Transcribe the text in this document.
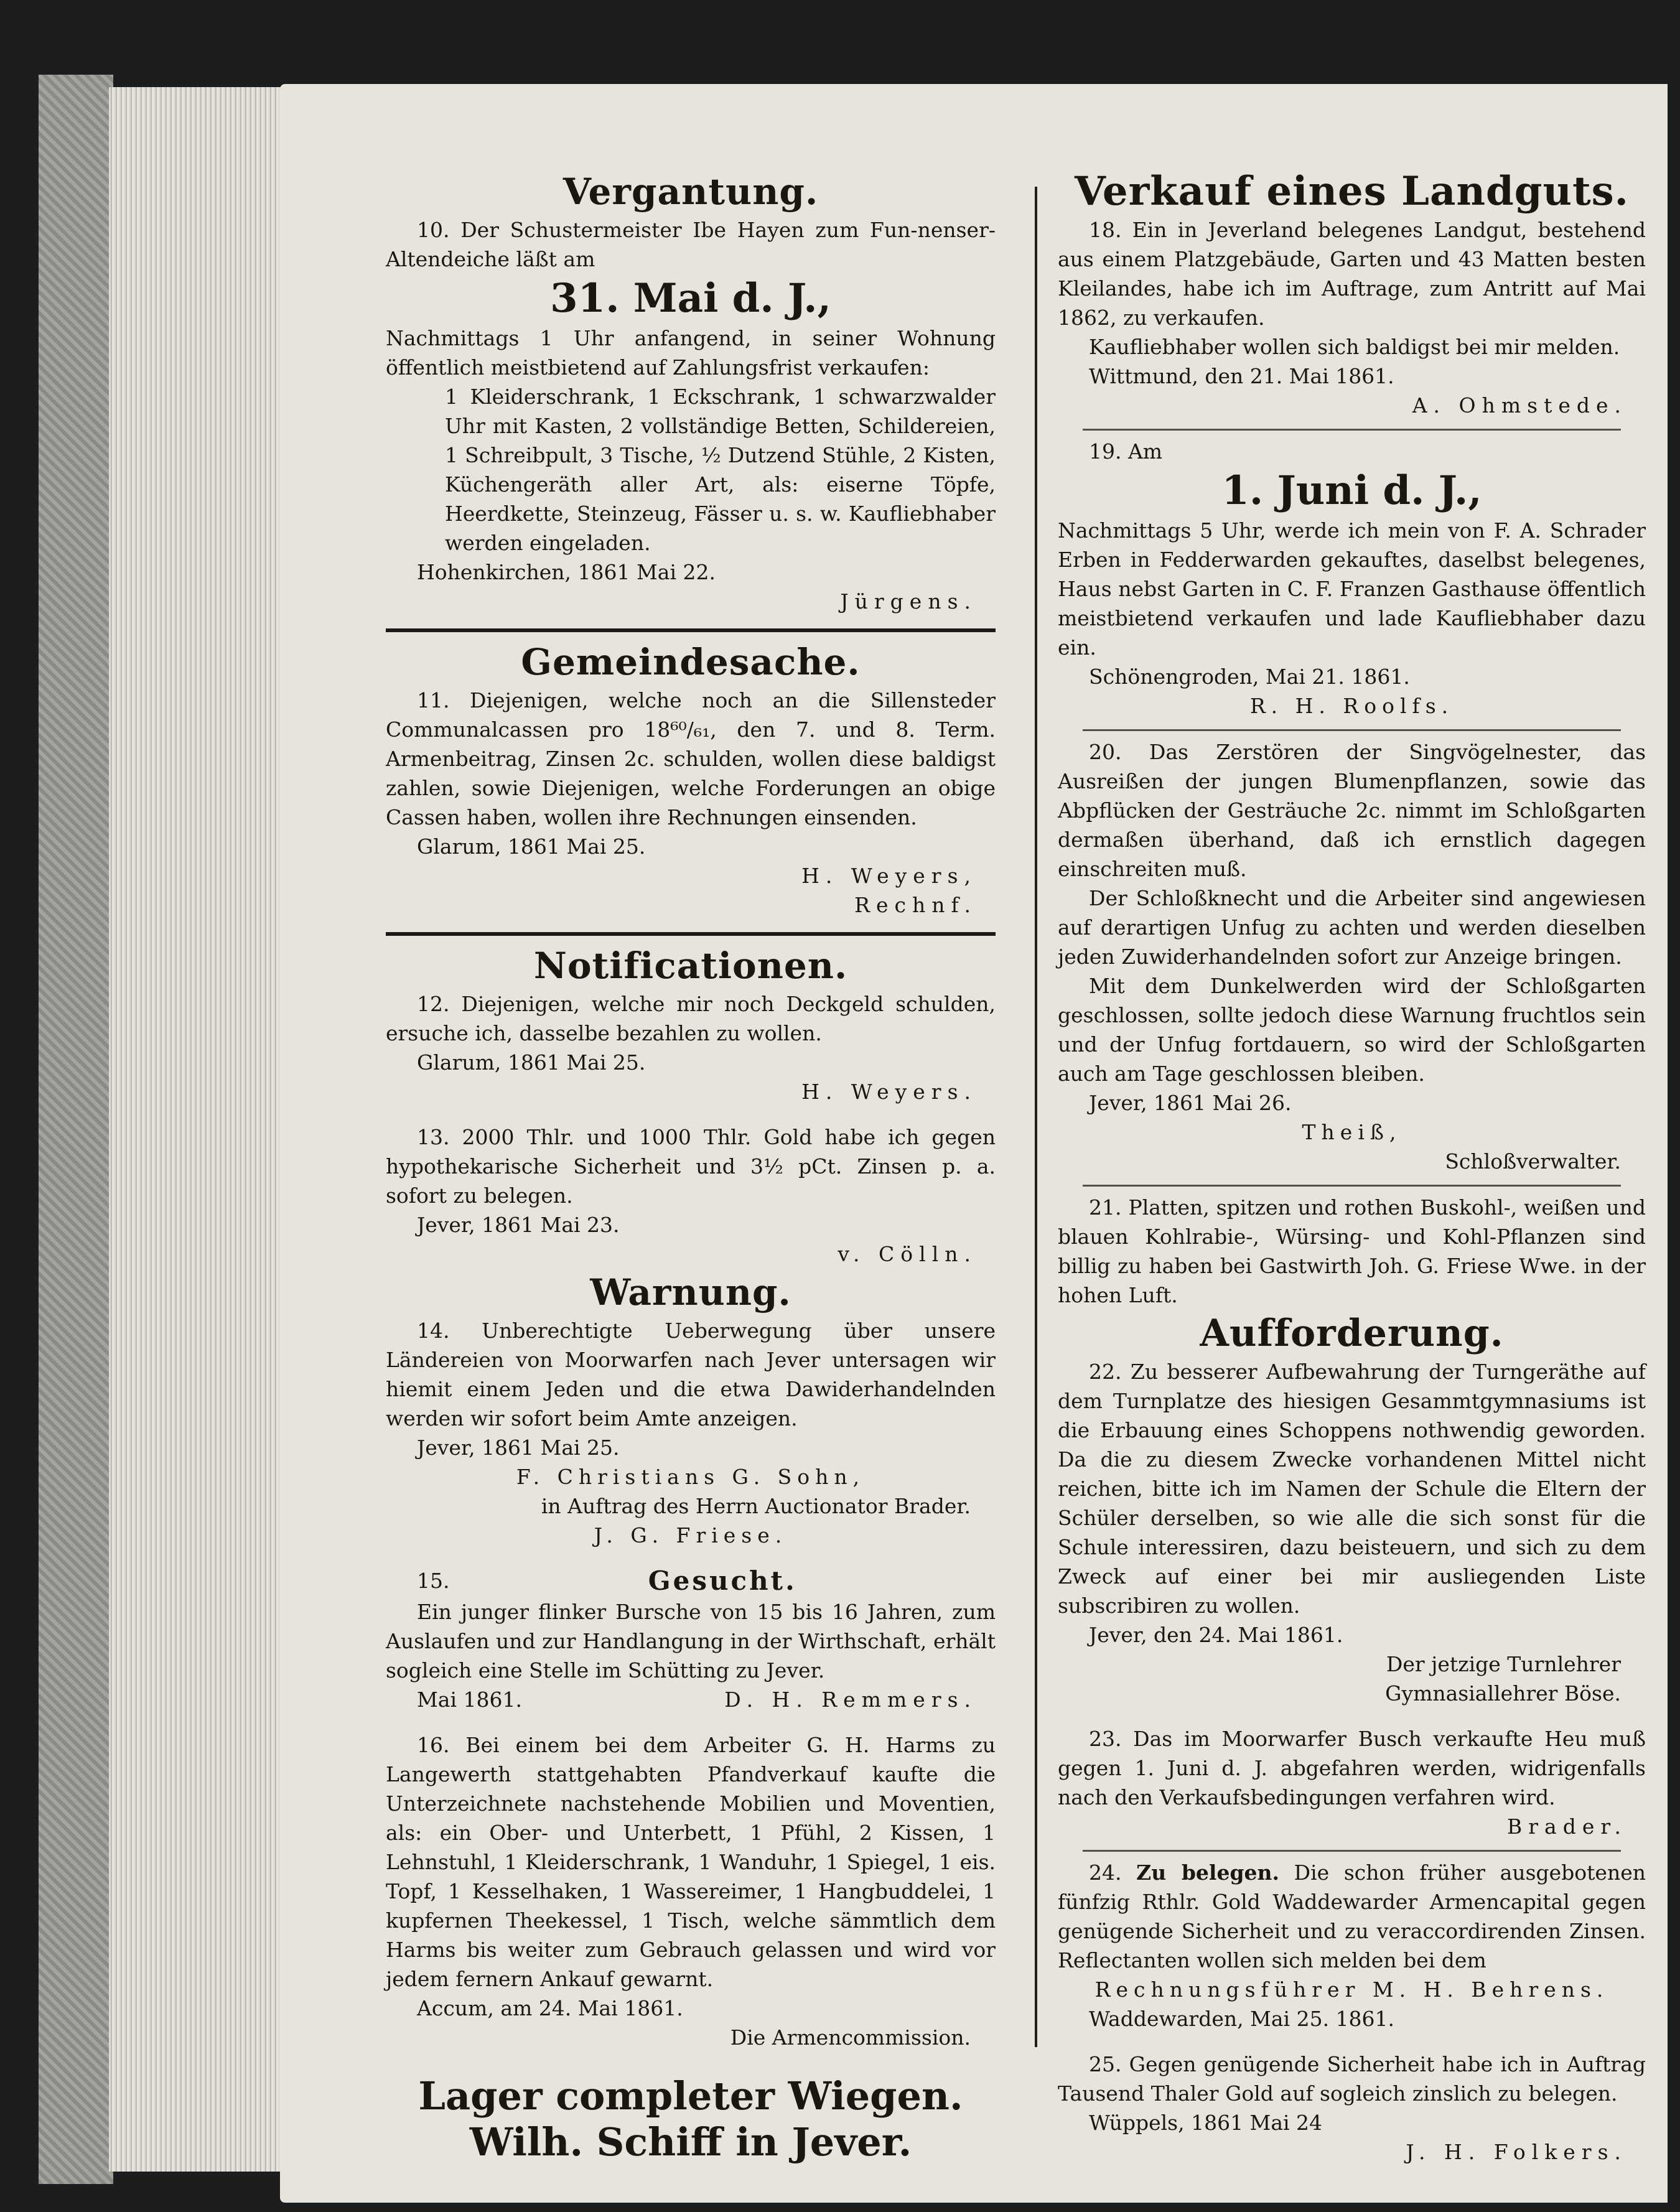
Vergantung.

10. Der Schustermeister Ibe Hayen zum Fun-nenser-Altendeiche läßt am

31. Mai d. J.,

Nachmittags 1 Uhr anfangend, in seiner Wohnung öffentlich meistbietend auf Zahlungsfrist verkaufen:

1 Kleiderschrank, 1 Eckschrank, 1 schwarzwalder Uhr mit Kasten, 2 vollständige Betten, Schildereien, 1 Schreibpult, 3 Tische, ½ Dutzend Stühle, 2 Kisten, Küchengeräth aller Art, als: eiserne Töpfe, Heerdkette, Steinzeug, Fässer u. s. w. Kaufliebhaber werden eingeladen.

Hohenkirchen, 1861 Mai 22.

Jürgens.

Gemeindesache.

11. Diejenigen, welche noch an die Sillensteder Communalcassen pro 18⁶⁰/₆₁, den 7. und 8. Term. Armenbeitrag, Zinsen 2c. schulden, wollen diese baldigst zahlen, sowie Diejenigen, welche Forderungen an obige Cassen haben, wollen ihre Rechnungen einsenden.

Glarum, 1861 Mai 25.

H. Weyers,

Rechnf.

Notificationen.

12. Diejenigen, welche mir noch Deckgeld schulden, ersuche ich, dasselbe bezahlen zu wollen.

Glarum, 1861 Mai 25.

H. Weyers.

13. 2000 Thlr. und 1000 Thlr. Gold habe ich gegen hypothekarische Sicherheit und 3½ pCt. Zinsen p. a. sofort zu belegen.

Jever, 1861 Mai 23.

v. Cölln.

Warnung.

14. Unberechtigte Ueberwegung über unsere Ländereien von Moorwarfen nach Jever untersagen wir hiemit einem Jeden und die etwa Dawiderhandelnden werden wir sofort beim Amte anzeigen.

Jever, 1861 Mai 25.

F. Christians G. Sohn,

in Auftrag des Herrn Auctionator Brader.

J. G. Friese.

15.	Gesucht.

Ein junger flinker Bursche von 15 bis 16 Jahren, zum Auslaufen und zur Handlangung in der Wirthschaft, erhält sogleich eine Stelle im Schütting zu Jever.

Mai 1861.	D. H. Remmers.

16. Bei einem bei dem Arbeiter G. H. Harms zu Langewerth stattgehabten Pfandverkauf kaufte die Unterzeichnete nachstehende Mobilien und Moventien, als: ein Ober- und Unterbett, 1 Pfühl, 2 Kissen, 1 Lehnstuhl, 1 Kleiderschrank, 1 Wanduhr, 1 Spiegel, 1 eis. Topf, 1 Kesselhaken, 1 Wassereimer, 1 Hangbuddelei, 1 kupfernen Theekessel, 1 Tisch, welche sämmtlich dem Harms bis weiter zum Gebrauch gelassen und wird vor jedem fernern Ankauf gewarnt.

Accum, am 24. Mai 1861.

Die Armencommission.

Lager completer Wiegen.
Wilh. Schiff in Jever.
Verkauf eines Landguts.

18. Ein in Jeverland belegenes Landgut, bestehend aus einem Platzgebäude, Garten und 43 Matten besten Kleilandes, habe ich im Auftrage, zum Antritt auf Mai 1862, zu verkaufen.

Kaufliebhaber wollen sich baldigst bei mir melden.

Wittmund, den 21. Mai 1861.

A. Ohmstede.

19. Am

1. Juni d. J.,

Nachmittags 5 Uhr, werde ich mein von F. A. Schrader Erben in Fedderwarden gekauftes, daselbst belegenes, Haus nebst Garten in C. F. Franzen Gasthause öffentlich meistbietend verkaufen und lade Kaufliebhaber dazu ein.

Schönengroden, Mai 21. 1861.

R. H. Roolfs.

20. Das Zerstören der Singvögelnester, das Ausreißen der jungen Blumenpflanzen, sowie das Abpflücken der Gesträuche 2c. nimmt im Schloßgarten dermaßen überhand, daß ich ernstlich dagegen einschreiten muß.

Der Schloßknecht und die Arbeiter sind angewiesen auf derartigen Unfug zu achten und werden dieselben jeden Zuwiderhandelnden sofort zur Anzeige bringen.

Mit dem Dunkelwerden wird der Schloßgarten geschlossen, sollte jedoch diese Warnung fruchtlos sein und der Unfug fortdauern, so wird der Schloßgarten auch am Tage geschlossen bleiben.

Jever, 1861 Mai 26.

Theiß,

Schloßverwalter.

21. Platten, spitzen und rothen Buskohl-, weißen und blauen Kohlrabie-, Würsing- und Kohl-Pflanzen sind billig zu haben bei Gastwirth Joh. G. Friese Wwe. in der hohen Luft.

Aufforderung.

22. Zu besserer Aufbewahrung der Turngeräthe auf dem Turnplatze des hiesigen Gesammtgymnasiums ist die Erbauung eines Schoppens nothwendig geworden. Da die zu diesem Zwecke vorhandenen Mittel nicht reichen, bitte ich im Namen der Schule die Eltern der Schüler derselben, so wie alle die sich sonst für die Schule interessiren, dazu beisteuern, und sich zu dem Zweck auf einer bei mir ausliegenden Liste subscribiren zu wollen.

Jever, den 24. Mai 1861.

Der jetzige Turnlehrer

Gymnasiallehrer Böse.

23. Das im Moorwarfer Busch verkaufte Heu muß gegen 1. Juni d. J. abgefahren werden, widrigenfalls nach den Verkaufsbedingungen verfahren wird.

Brader.

24. Zu belegen. Die schon früher ausgebotenen fünfzig Rthlr. Gold Waddewarder Armencapital gegen genügende Sicherheit und zu veraccordirenden Zinsen. Reflectanten wollen sich melden bei dem

Rechnungsführer M. H. Behrens.

Waddewarden, Mai 25. 1861.

25. Gegen genügende Sicherheit habe ich in Auftrag Tausend Thaler Gold auf sogleich zinslich zu belegen.

Wüppels, 1861 Mai 24

J. H. Folkers.
